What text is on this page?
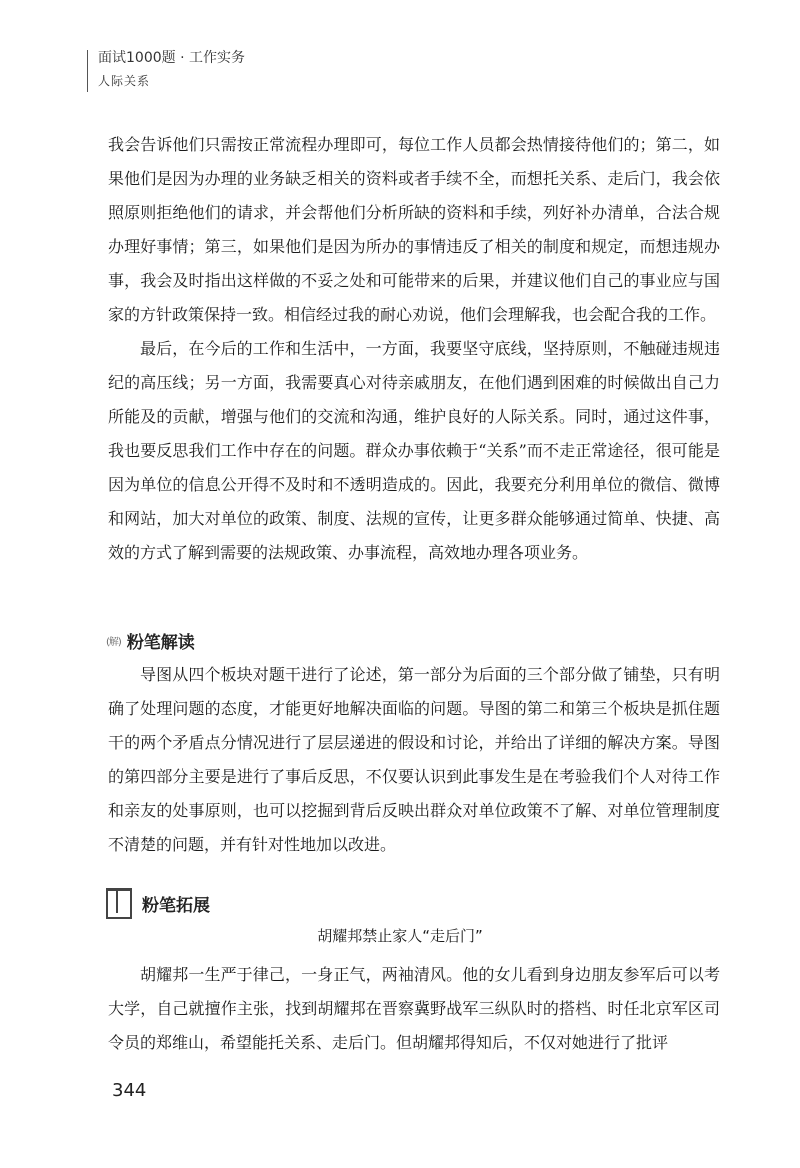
面试1000题 · 工作实务
人际关系

我会告诉他们只需按正常流程办理即可，每位工作人员都会热情接待他们的；第二，如果他们是因为办理的业务缺乏相关的资料或者手续不全，而想托关系、走后门，我会依照原则拒绝他们的请求，并会帮他们分析所缺的资料和手续，列好补办清单，合法合规办理好事情；第三，如果他们是因为所办的事情违反了相关的制度和规定，而想违规办事，我会及时指出这样做的不妥之处和可能带来的后果，并建议他们自己的事业应与国家的方针政策保持一致。相信经过我的耐心劝说，他们会理解我，也会配合我的工作。

最后，在今后的工作和生活中，一方面，我要坚守底线，坚持原则，不触碰违规违纪的高压线；另一方面，我需要真心对待亲戚朋友，在他们遇到困难的时候做出自己力所能及的贡献，增强与他们的交流和沟通，维护良好的人际关系。同时，通过这件事，我也要反思我们工作中存在的问题。群众办事依赖于“关系”而不走正常途径，很可能是因为单位的信息公开得不及时和不透明造成的。因此，我要充分利用单位的微信、微博和网站，加大对单位的政策、制度、法规的宣传，让更多群众能够通过简单、快捷、高效的方式了解到需要的法规政策、办事流程，高效地办理各项业务。

(解) 粉笔解读

导图从四个板块对题干进行了论述，第一部分为后面的三个部分做了铺垫，只有明确了处理问题的态度，才能更好地解决面临的问题。导图的第二和第三个板块是抓住题干的两个矛盾点分情况进行了层层递进的假设和讨论，并给出了详细的解决方案。导图的第四部分主要是进行了事后反思，不仅要认识到此事发生是在考验我们个人对待工作和亲友的处事原则，也可以挖掘到背后反映出群众对单位政策不了解、对单位管理制度不清楚的问题，并有针对性地加以改进。

粉笔拓展
胡耀邦禁止家人“走后门”

胡耀邦一生严于律己，一身正气，两袖清风。他的女儿看到身边朋友参军后可以考大学，自己就擅作主张，找到胡耀邦在晋察冀野战军三纵队时的搭档、时任北京军区司令员的郑维山，希望能托关系、走后门。但胡耀邦得知后，不仅对她进行了批评

344
